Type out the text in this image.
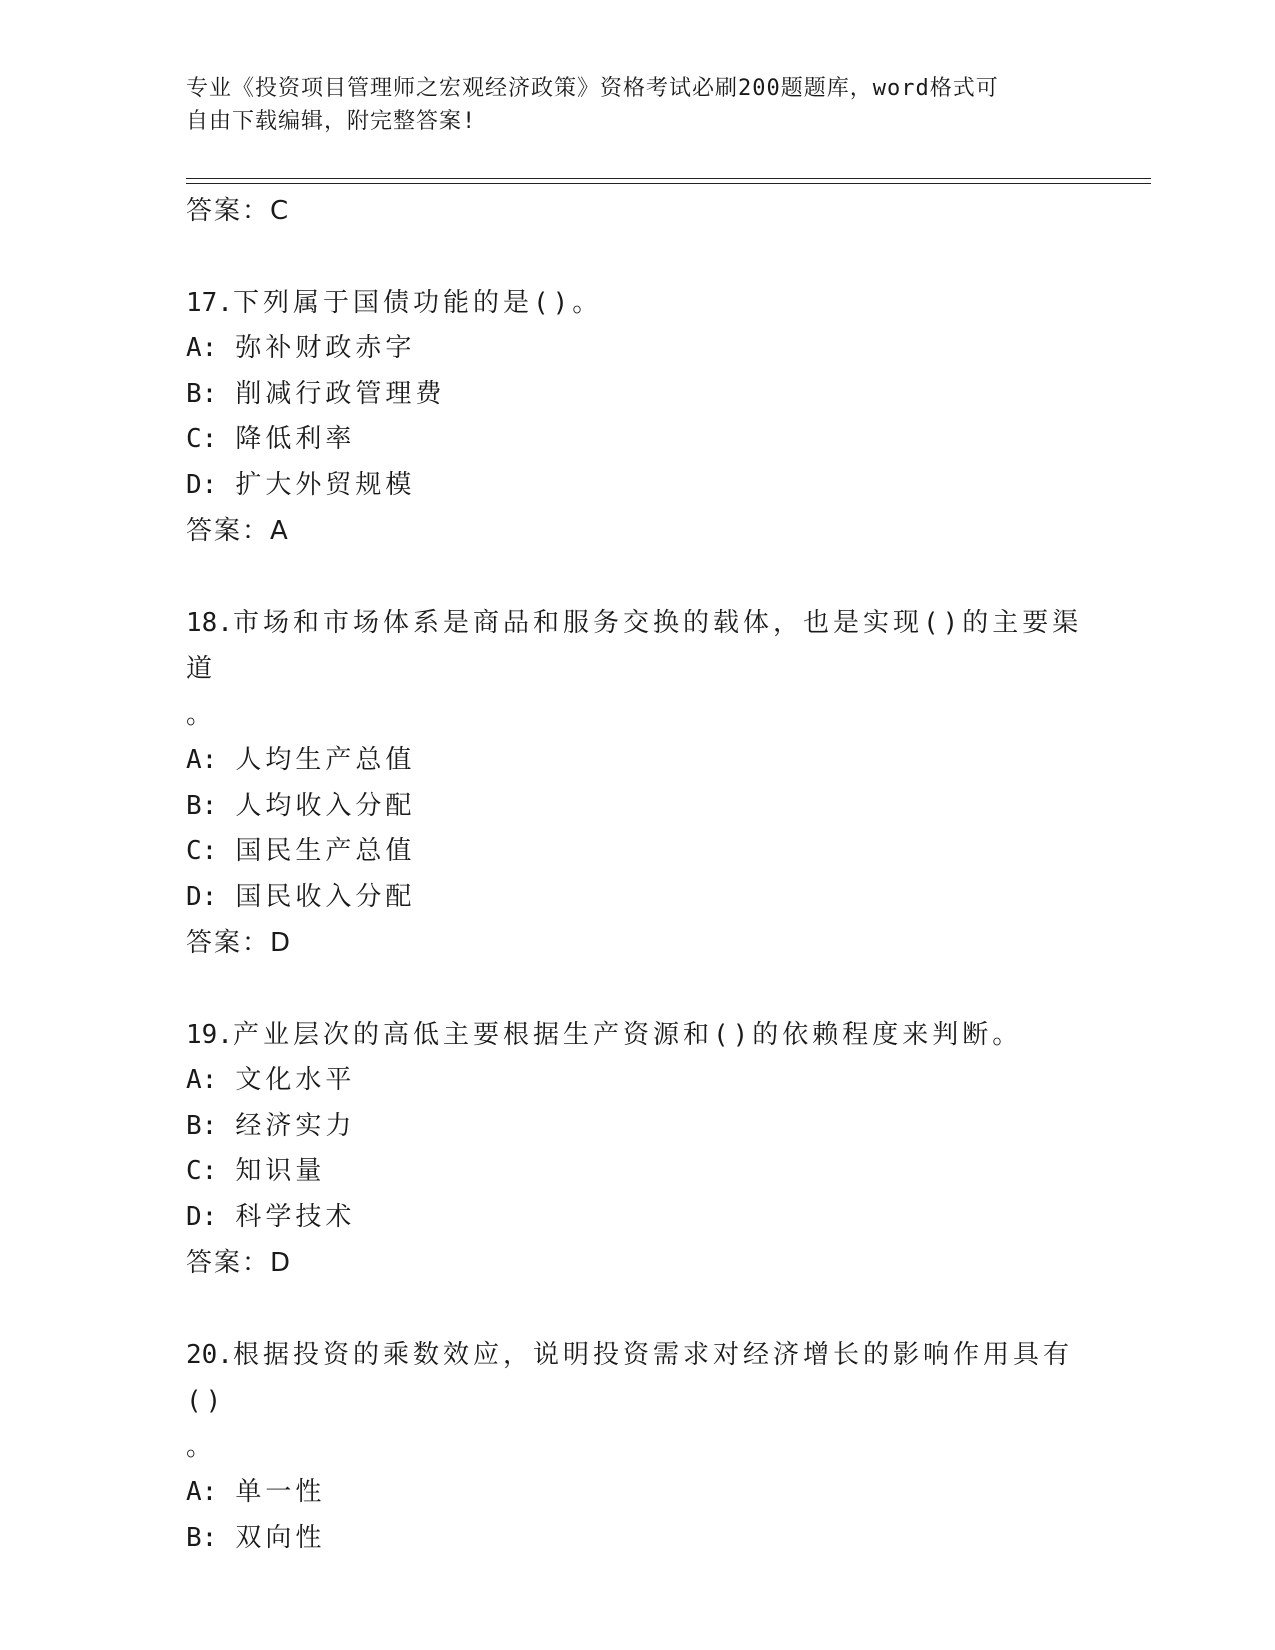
专业《投资项目管理师之宏观经济政策》资格考试必刷200题题库，word格式可
自由下载编辑，附完整答案!
答案：C
17.下列属于国债功能的是()。
A: 弥补财政赤字
B: 削减行政管理费
C: 降低利率
D: 扩大外贸规模
答案：A
18.市场和市场体系是商品和服务交换的载体，也是实现()的主要渠道
。
A: 人均生产总值
B: 人均收入分配
C: 国民生产总值
D: 国民收入分配
答案：D
19.产业层次的高低主要根据生产资源和()的依赖程度来判断。
A: 文化水平
B: 经济实力
C: 知识量
D: 科学技术
答案：D
20.根据投资的乘数效应，说明投资需求对经济增长的影响作用具有()
。
A: 单一性
B: 双向性
